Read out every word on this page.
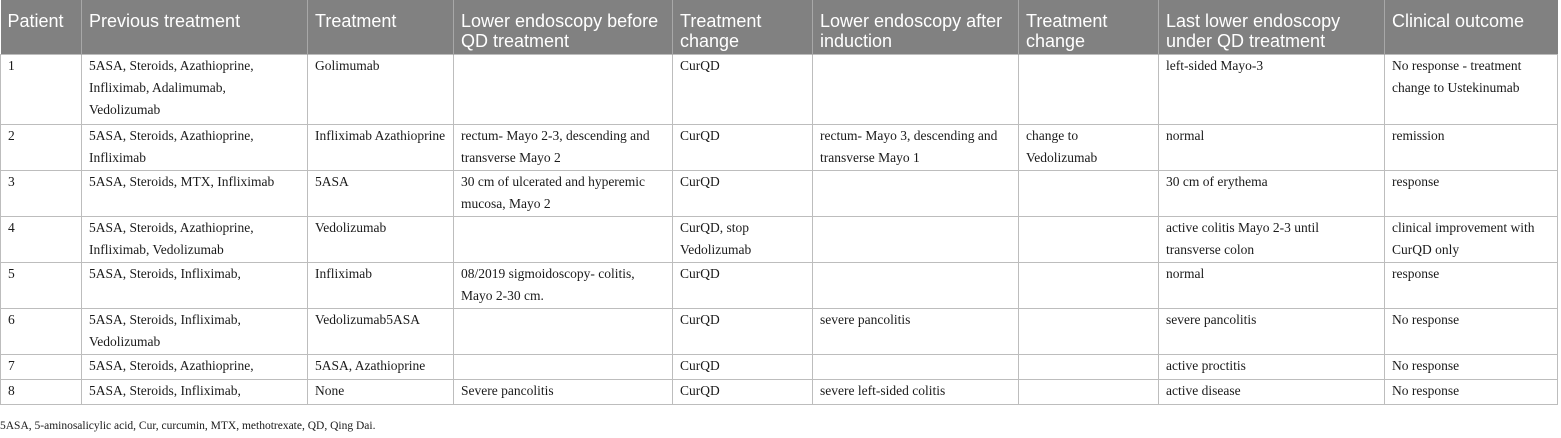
Patient	Previous treatment	Treatment	Lower endoscopy before QD treatment	Treatment change	Lower endoscopy after induction	Treatment change	Last lower endoscopy under QD treatment	Clinical outcome
1	5ASA, Steroids, Azathioprine, Infliximab, Adalimumab, Vedolizumab	Golimumab		CurQD			left-sided Mayo-3	No response - treatment change to Ustekinumab
2	5ASA, Steroids, Azathioprine, Infliximab	Infliximab Azathioprine	rectum- Mayo 2-3, descending and transverse Mayo 2	CurQD	rectum- Mayo 3, descending and transverse Mayo 1	change to Vedolizumab	normal	remission
3	5ASA, Steroids, MTX, Infliximab	5ASA	30 cm of ulcerated and hyperemic mucosa, Mayo 2	CurQD			30 cm of erythema	response
4	5ASA, Steroids, Azathioprine, Infliximab, Vedolizumab	Vedolizumab		CurQD, stop Vedolizumab			active colitis Mayo 2-3 until transverse colon	clinical improvement with CurQD only
5	5ASA, Steroids, Infliximab,	Infliximab	08/2019 sigmoidoscopy- colitis, Mayo 2-30 cm.	CurQD			normal	response
6	5ASA, Steroids, Infliximab, Vedolizumab	Vedolizumab5ASA		CurQD	severe pancolitis		severe pancolitis	No response
7	5ASA, Steroids, Azathioprine,	5ASA, Azathioprine		CurQD			active proctitis	No response
8	5ASA, Steroids, Infliximab,	None	Severe pancolitis	CurQD	severe left-sided colitis		active disease	No response
5ASA, 5-aminosalicylic acid, Cur, curcumin, MTX, methotrexate, QD, Qing Dai.
